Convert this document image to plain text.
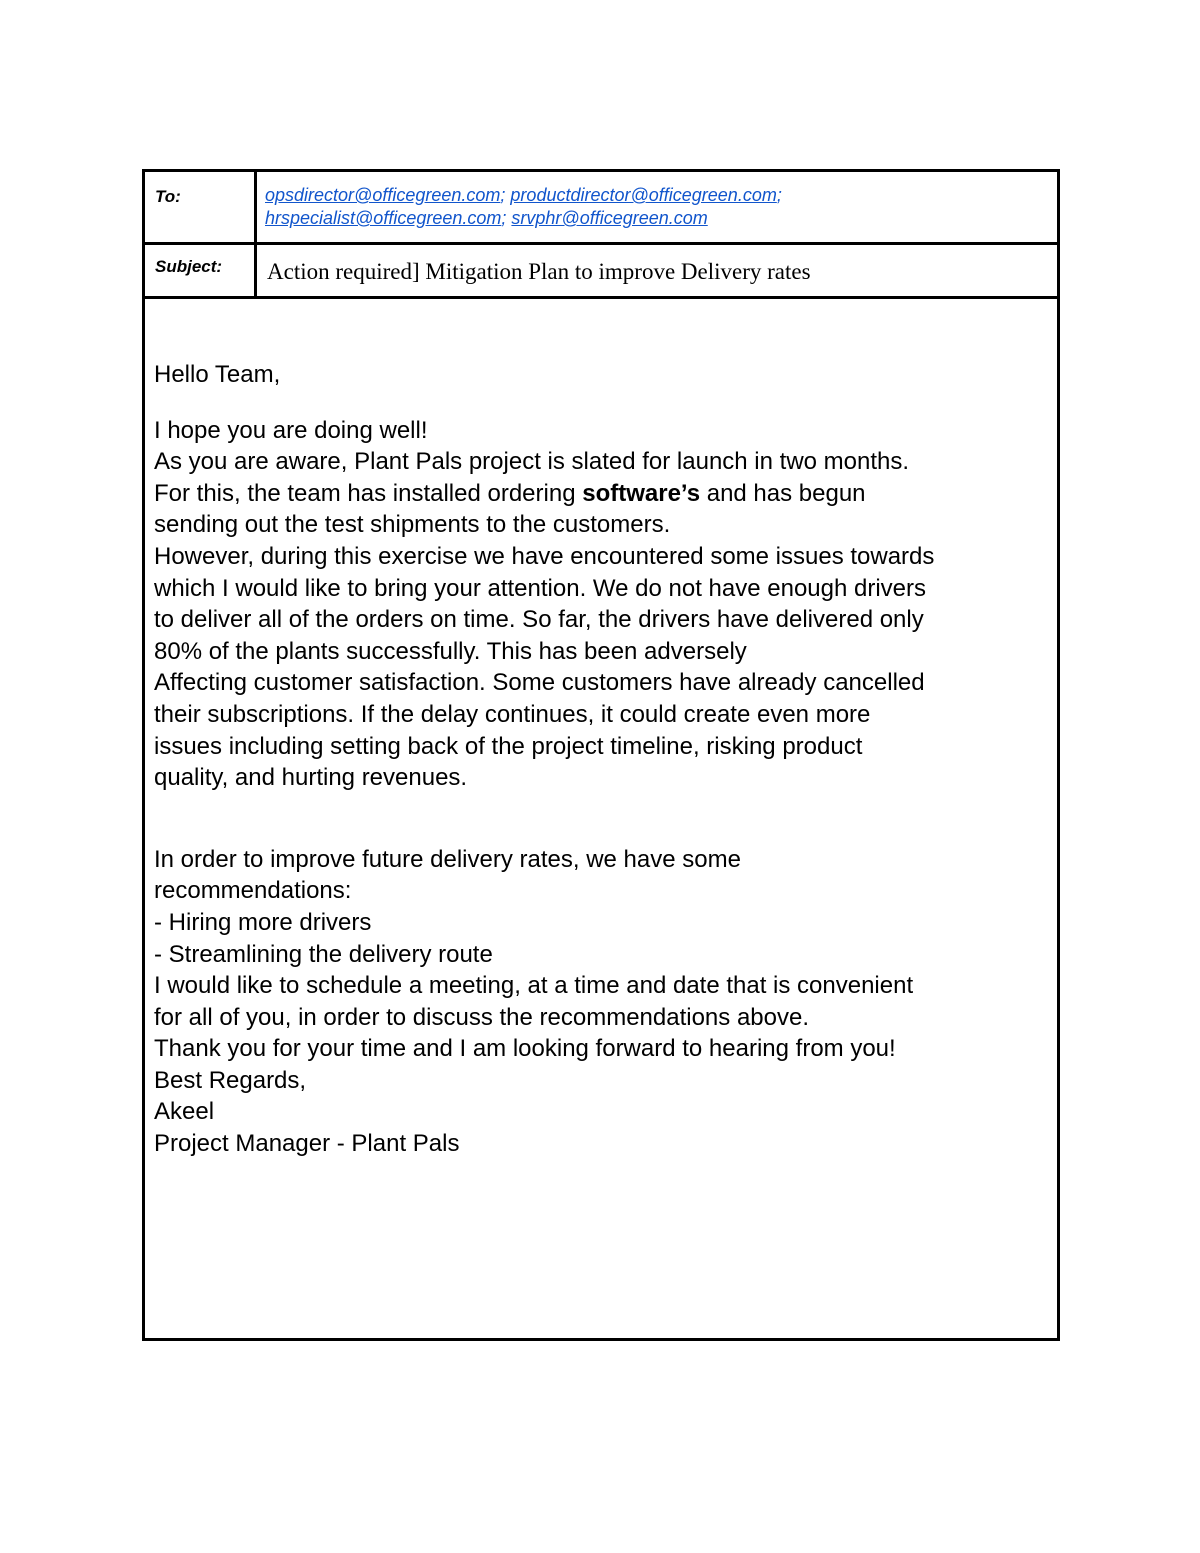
To:	opsdirector@officegreen.com; productdirector@officegreen.com;
hrspecialist@officegreen.com; srvphr@officegreen.com
Subject:	Action required] Mitigation Plan to improve Delivery rates
Hello Team,
I hope you are doing well!
As you are aware, Plant Pals project is slated for launch in two months.
For this, the team has installed ordering software’s and has begun
sending out the test shipments to the customers.
However, during this exercise we have encountered some issues towards
which I would like to bring your attention. We do not have enough drivers
to deliver all of the orders on time. So far, the drivers have delivered only
80% of the plants successfully. This has been adversely
Affecting customer satisfaction. Some customers have already cancelled
their subscriptions. If the delay continues, it could create even more
issues including setting back of the project timeline, risking product
quality, and hurting revenues.
In order to improve future delivery rates, we have some
recommendations:
- Hiring more drivers
- Streamlining the delivery route
I would like to schedule a meeting, at a time and date that is convenient
for all of you, in order to discuss the recommendations above.
Thank you for your time and I am looking forward to hearing from you!
Best Regards,
Akeel
Project Manager - Plant Pals
